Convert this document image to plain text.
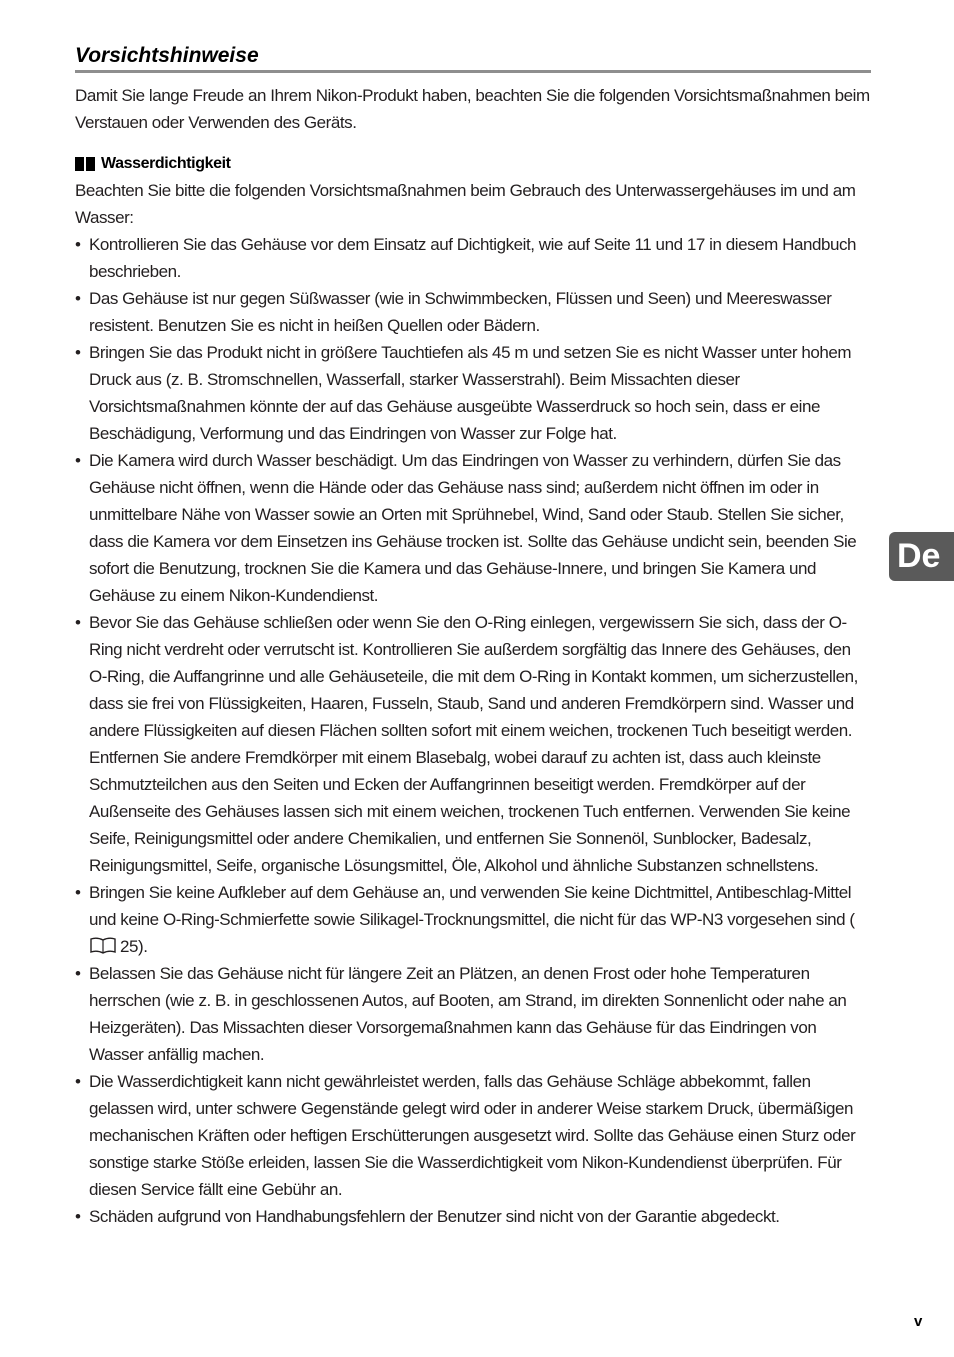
Vorsichtshinweise

Damit Sie lange Freude an Ihrem Nikon-Produkt haben, beachten Sie die folgenden Vorsichtsmaßnahmen beim Verstauen oder Verwenden des Geräts.

Wasserdichtigkeit

Beachten Sie bitte die folgenden Vorsichtsmaßnahmen beim Gebrauch des Unterwassergehäuses im und am Wasser:

• Kontrollieren Sie das Gehäuse vor dem Einsatz auf Dichtigkeit, wie auf Seite 11 und 17 in diesem Handbuch beschrieben.
• Das Gehäuse ist nur gegen Süßwasser (wie in Schwimmbecken, Flüssen und Seen) und Meereswasser resistent. Benutzen Sie es nicht in heißen Quellen oder Bädern.
• Bringen Sie das Produkt nicht in größere Tauchtiefen als 45 m und setzen Sie es nicht Wasser unter hohem Druck aus (z. B. Stromschnellen, Wasserfall, starker Wasserstrahl). Beim Missachten dieser Vorsichtsmaßnahmen könnte der auf das Gehäuse ausgeübte Wasserdruck so hoch sein, dass er eine Beschädigung, Verformung und das Eindringen von Wasser zur Folge hat.
• Die Kamera wird durch Wasser beschädigt. Um das Eindringen von Wasser zu verhindern, dürfen Sie das Gehäuse nicht öffnen, wenn die Hände oder das Gehäuse nass sind; außerdem nicht öffnen im oder in unmittelbare Nähe von Wasser sowie an Orten mit Sprühnebel, Wind, Sand oder Staub. Stellen Sie sicher, dass die Kamera vor dem Einsetzen ins Gehäuse trocken ist. Sollte das Gehäuse undicht sein, beenden Sie sofort die Benutzung, trocknen Sie die Kamera und das Gehäuse-Innere, und bringen Sie Kamera und Gehäuse zu einem Nikon-Kundendienst.
• Bevor Sie das Gehäuse schließen oder wenn Sie den O-Ring einlegen, vergewissern Sie sich, dass der O-Ring nicht verdreht oder verrutscht ist. Kontrollieren Sie außerdem sorgfältig das Innere des Gehäuses, den O-Ring, die Auffangrinne und alle Gehäuseteile, die mit dem O-Ring in Kontakt kommen, um sicherzustellen, dass sie frei von Flüssigkeiten, Haaren, Fusseln, Staub, Sand und anderen Fremdkörpern sind. Wasser und andere Flüssigkeiten auf diesen Flächen sollten sofort mit einem weichen, trockenen Tuch beseitigt werden. Entfernen Sie andere Fremdkörper mit einem Blasebalg, wobei darauf zu achten ist, dass auch kleinste Schmutzteilchen aus den Seiten und Ecken der Auffangrinnen beseitigt werden. Fremdkörper auf der Außenseite des Gehäuses lassen sich mit einem weichen, trockenen Tuch entfernen. Verwenden Sie keine Seife, Reinigungsmittel oder andere Chemikalien, und entfernen Sie Sonnenöl, Sunblocker, Badesalz, Reinigungsmittel, Seife, organische Lösungsmittel, Öle, Alkohol und ähnliche Substanzen schnellstens.
• Bringen Sie keine Aufkleber auf dem Gehäuse an, und verwenden Sie keine Dichtmittel, Antibeschlag-Mittel und keine O-Ring-Schmierfette sowie Silikagel-Trocknungsmittel, die nicht für das WP-N3 vorgesehen sind (25).
• Belassen Sie das Gehäuse nicht für längere Zeit an Plätzen, an denen Frost oder hohe Temperaturen herrschen (wie z. B. in geschlossenen Autos, auf Booten, am Strand, im direkten Sonnenlicht oder nahe an Heizgeräten). Das Missachten dieser Vorsorgemaßnahmen kann das Gehäuse für das Eindringen von Wasser anfällig machen.
• Die Wasserdichtigkeit kann nicht gewährleistet werden, falls das Gehäuse Schläge abbekommt, fallen gelassen wird, unter schwere Gegenstände gelegt wird oder in anderer Weise starkem Druck, übermäßigen mechanischen Kräften oder heftigen Erschütterungen ausgesetzt wird. Sollte das Gehäuse einen Sturz oder sonstige starke Stöße erleiden, lassen Sie die Wasserdichtigkeit vom Nikon-Kundendienst überprüfen. Für diesen Service fällt eine Gebühr an.
• Schäden aufgrund von Handhabungsfehlern der Benutzer sind nicht von der Garantie abgedeckt.
De
v
